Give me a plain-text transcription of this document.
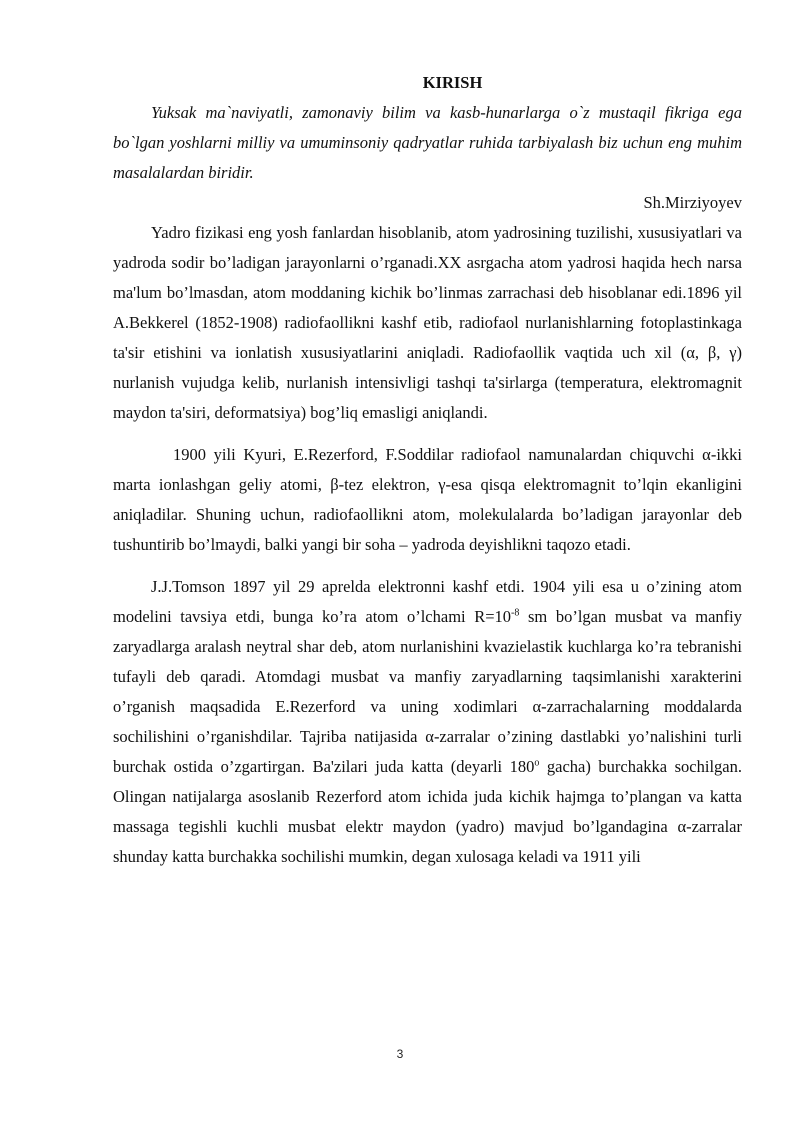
KIRISH

Yuksak ma`naviyatli, zamonaviy bilim va kasb-hunarlarga o`z mustaqil fikriga ega bo`lgan yoshlarni milliy va umuminsoniy qadryatlar ruhida tarbiyalash biz uchun eng muhim masalalardan biridir.

Sh.Mirziyoyev

Yadro fizikasi eng yosh fanlardan hisoblanib, atom yadrosining tuzilishi, xususiyatlari va yadroda sodir bo’ladigan jarayonlarni o’rganadi.XX asrgacha atom yadrosi haqida hech narsa ma'lum bo’lmasdan, atom moddaning kichik bo’linmas zarrachasi deb hisoblanar edi.1896 yil A.Bekkerel (1852-1908) radiofaollikni kashf etib, radiofaol nurlanishlarning fotoplastinkaga ta'sir etishini va ionlatish xususiyatlarini aniqladi. Radiofaollik vaqtida uch xil (α, β, γ) nurlanish vujudga kelib, nurlanish intensivligi tashqi ta'sirlarga (temperatura, elektromagnit maydon ta'siri, deformatsiya) bog’liq emasligi aniqlandi.

1900 yili Kyuri, E.Rezerford, F.Soddilar radiofaol namunalardan chiquvchi α-ikki marta ionlashgan geliy atomi, β-tez elektron, γ-esa qisqa elektromagnit to’lqin ekanligini aniqladilar. Shuning uchun, radiofaollikni atom, molekulalarda bo’ladigan jarayonlar deb tushuntirib bo’lmaydi, balki yangi bir soha – yadroda deyishlikni taqozo etadi.

J.J.Tomson 1897 yil 29 aprelda elektronni kashf etdi. 1904 yili esa u o’zining atom modelini tavsiya etdi, bunga ko’ra atom o’lchami $R=10^{-8}$ sm bo’lgan musbat va manfiy zaryadlarga aralash neytral shar deb, atom nurlanishini kvazielastik kuchlarga ko’ra tebranishi tufayli deb qaradi. Atomdagi musbat va manfiy zaryadlarning taqsimlanishi xarakterini o’rganish maqsadida E.Rezerford va uning xodimlari α-zarrachalarning moddalarda sochilishini o’rganishdilar. Tajriba natijasida α-zarralar o’zining dastlabki yo’nalishini turli burchak ostida o’zgartirgan. Ba'zilari juda katta (deyarli 180$^o$ gacha) burchakka sochilgan. Olingan natijalarga asoslanib Rezerford atom ichida juda kichik hajmga to’plangan va katta massaga tegishli kuchli musbat elektr maydon (yadro) mavjud bo’lgandagina α-zarralar shunday katta burchakka sochilishi mumkin, degan xulosaga keladi va 1911 yili

3
